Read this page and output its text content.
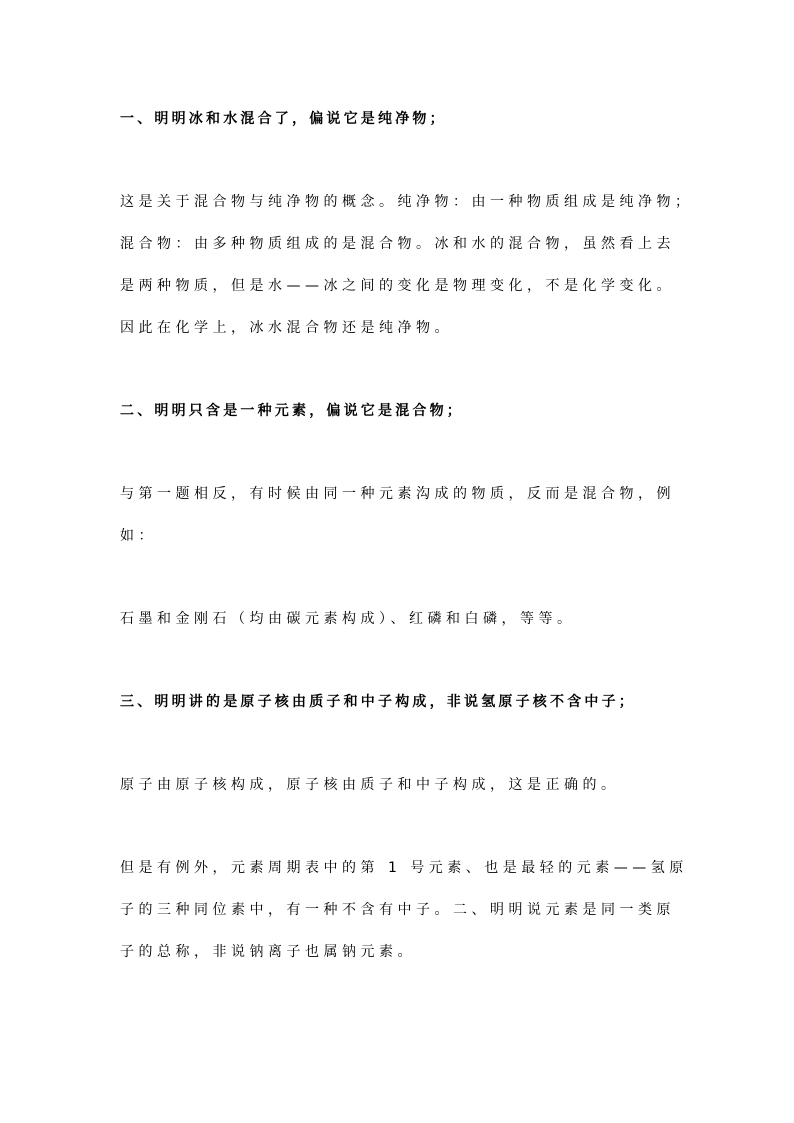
一、明明冰和水混合了，偏说它是纯净物；
这是关于混合物与纯净物的概念。纯净物：由一种物质组成是纯净物；
混合物：由多种物质组成的是混合物。冰和水的混合物，虽然看上去
是两种物质，但是水——冰之间的变化是物理变化，不是化学变化。
因此在化学上，冰水混合物还是纯净物。
二、明明只含是一种元素，偏说它是混合物；
与第一题相反，有时候由同一种元素沟成的物质，反而是混合物，例
如：
石墨和金刚石（均由碳元素构成）、红磷和白磷，等等。
三、明明讲的是原子核由质子和中子构成，非说氢原子核不含中子；
原子由原子核构成，原子核由质子和中子构成，这是正确的。
但是有例外，元素周期表中的第 1 号元素、也是最轻的元素——氢原
子的三种同位素中，有一种不含有中子。二、明明说元素是同一类原
子的总称，非说钠离子也属钠元素。
